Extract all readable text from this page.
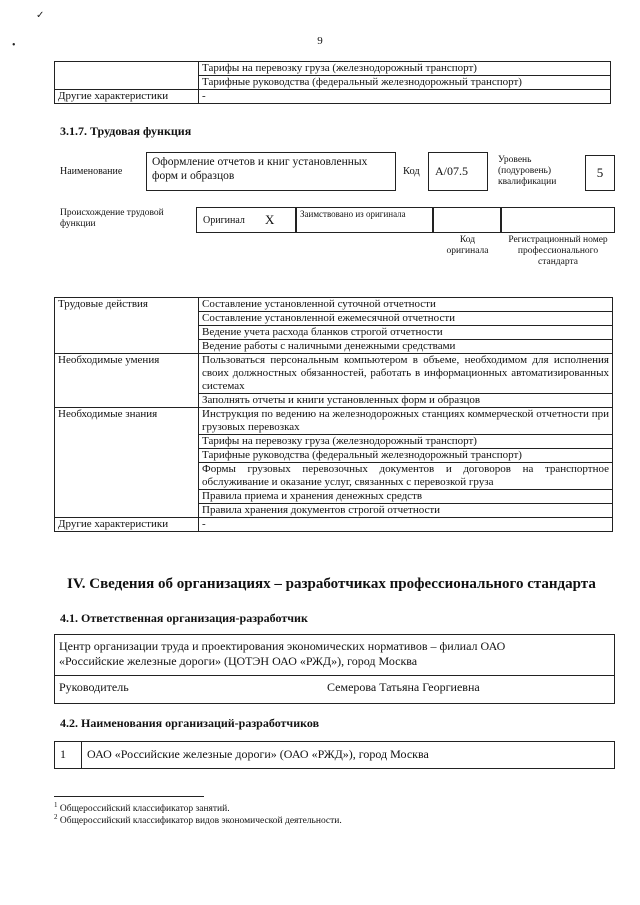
✓
•	9
	Тарифы на перевозку груза (железнодорожный транспорт)
	Тарифные руководства (федеральный железнодорожный транспорт)
Другие характеристики	-
3.1.7. Трудовая функция
Наименование
Оформление отчетов и книг установленных форм и образцов	Код	А/07.5
Уровень (подуровень) квалификации
5
Происхождение трудовой функции	Оригинал X	Заимствовано из оригинала
Код оригинала
Регистрационный номер профессионального стандарта
Трудовые действия	Составление установленной суточной отчетности
	Составление установленной ежемесячной отчетности
	Ведение учета расхода бланков строгой отчетности
	Ведение работы с наличными денежными средствами
Необходимые умения	Пользоваться персональным компьютером в объеме, необходимом для исполнения своих должностных обязанностей, работать в информационных автоматизированных системах
	Заполнять отчеты и книги установленных форм и образцов
Необходимые знания	Инструкция по ведению на железнодорожных станциях коммерческой отчетности при грузовых перевозках
	Тарифы на перевозку груза (железнодорожный транспорт)
	Тарифные руководства (федеральный железнодорожный транспорт)
	Формы грузовых перевозочных документов и договоров на транспортное обслуживание и оказание услуг, связанных с перевозкой груза
	Правила приема и хранения денежных средств
	Правила хранения документов строгой отчетности
Другие характеристики	-
IV. Сведения об организациях – разработчиках профессионального стандарта
4.1. Ответственная организация-разработчик
Центр организации труда и проектирования экономических нормативов – филиал ОАО «Российские железные дороги» (ЦОТЭН ОАО «РЖД»), город Москва
Руководитель	Семерова Татьяна Георгиевна
4.2. Наименования организаций-разработчиков
1 ОАО «Российские железные дороги» (ОАО «РЖД»), город Москва
$^1$ Общероссийский классификатор занятий.
$^2$ Общероссийский классификатор видов экономической деятельности.
